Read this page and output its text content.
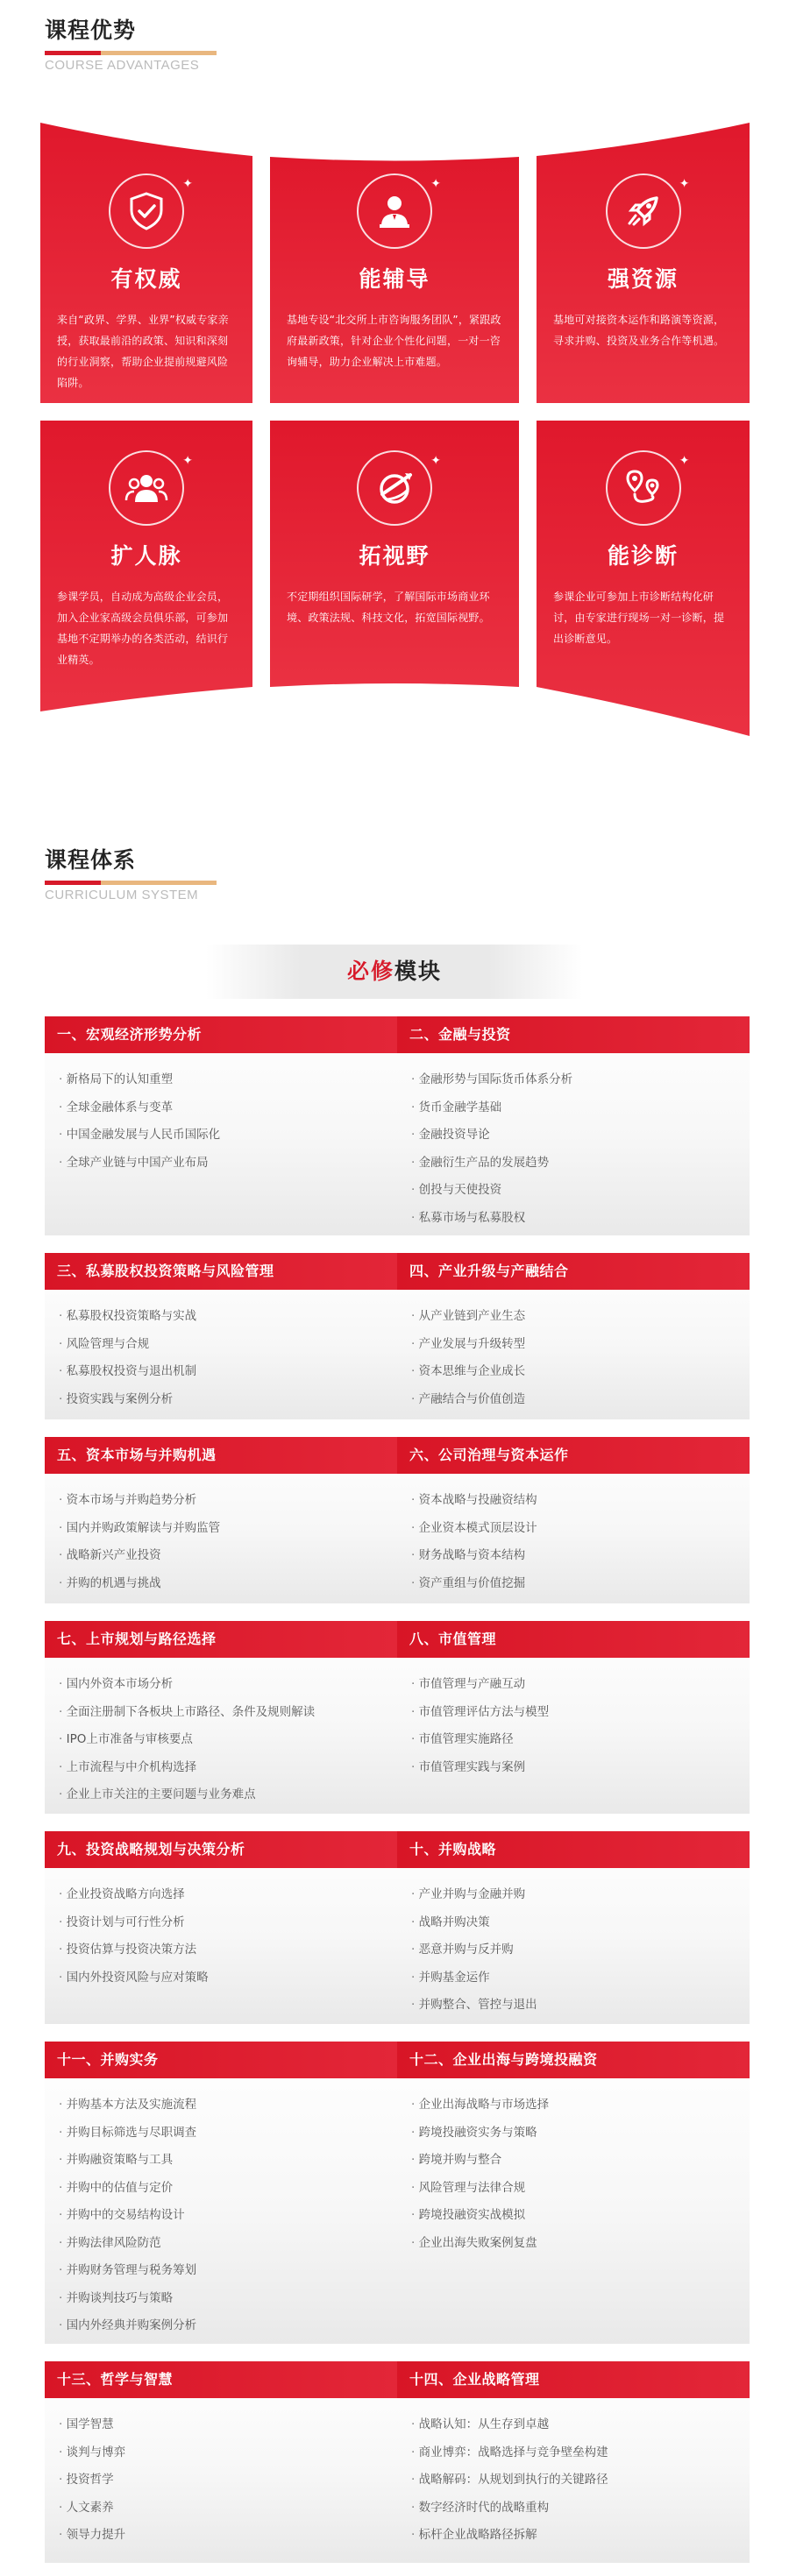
课程优势
COURSE ADVANTAGES
✦
有权威
来自“政界、学界、业界”权威专家亲授，获取最前沿的政策、知识和深刻的行业洞察，帮助企业提前规避风险陷阱。
✦
能辅导
基地专设“北交所上市咨询服务团队”，紧跟政府最新政策，针对企业个性化问题，一对一咨询辅导，助力企业解决上市难题。
✦
强资源
基地可对接资本运作和路演等资源，寻求并购、投资及业务合作等机遇。
✦
扩人脉
参课学员，自动成为高级企业会员，加入企业家高级会员俱乐部，可参加基地不定期举办的各类活动，结识行业精英。
✦
拓视野
不定期组织国际研学，了解国际市场商业环境、政策法规、科技文化，拓宽国际视野。
✦
能诊断
参课企业可参加上市诊断结构化研讨，由专家进行现场一对一诊断，提出诊断意见。
课程体系
CURRICULUM SYSTEM
必修模块
一、宏观经济形势分析
· 新格局下的认知重塑
· 全球金融体系与变革
· 中国金融发展与人民币国际化
· 全球产业链与中国产业布局
二、金融与投资
· 金融形势与国际货币体系分析
· 货币金融学基础
· 金融投资导论
· 金融衍生产品的发展趋势
· 创投与天使投资
· 私募市场与私募股权
三、私募股权投资策略与风险管理
· 私募股权投资策略与实战
· 风险管理与合规
· 私募股权投资与退出机制
· 投资实践与案例分析
四、产业升级与产融结合
· 从产业链到产业生态
· 产业发展与升级转型
· 资本思维与企业成长
· 产融结合与价值创造
五、资本市场与并购机遇
· 资本市场与并购趋势分析
· 国内并购政策解读与并购监管
· 战略新兴产业投资
· 并购的机遇与挑战
六、公司治理与资本运作
· 资本战略与投融资结构
· 企业资本模式顶层设计
· 财务战略与资本结构
· 资产重组与价值挖掘
七、上市规划与路径选择
· 国内外资本市场分析
· 全面注册制下各板块上市路径、条件及规则解读
· IPO上市准备与审核要点
· 上市流程与中介机构选择
· 企业上市关注的主要问题与业务难点
八、市值管理
· 市值管理与产融互动
· 市值管理评估方法与模型
· 市值管理实施路径
· 市值管理实践与案例
九、投资战略规划与决策分析
· 企业投资战略方向选择
· 投资计划与可行性分析
· 投资估算与投资决策方法
· 国内外投资风险与应对策略
十、并购战略
· 产业并购与金融并购
· 战略并购决策
· 恶意并购与反并购
· 并购基金运作
· 并购整合、管控与退出
十一、并购实务
· 并购基本方法及实施流程
· 并购目标筛选与尽职调查
· 并购融资策略与工具
· 并购中的估值与定价
· 并购中的交易结构设计
· 并购法律风险防范
· 并购财务管理与税务筹划
· 并购谈判技巧与策略
· 国内外经典并购案例分析
十二、企业出海与跨境投融资
· 企业出海战略与市场选择
· 跨境投融资实务与策略
· 跨境并购与整合
· 风险管理与法律合规
· 跨境投融资实战模拟
· 企业出海失败案例复盘
十三、哲学与智慧
· 国学智慧
· 谈判与博弈
· 投资哲学
· 人文素养
· 领导力提升
十四、企业战略管理
· 战略认知：从生存到卓越
· 商业博弈：战略选择与竞争壁垒构建
· 战略解码：从规划到执行的关键路径
· 数字经济时代的战略重构
· 标杆企业战略路径拆解
